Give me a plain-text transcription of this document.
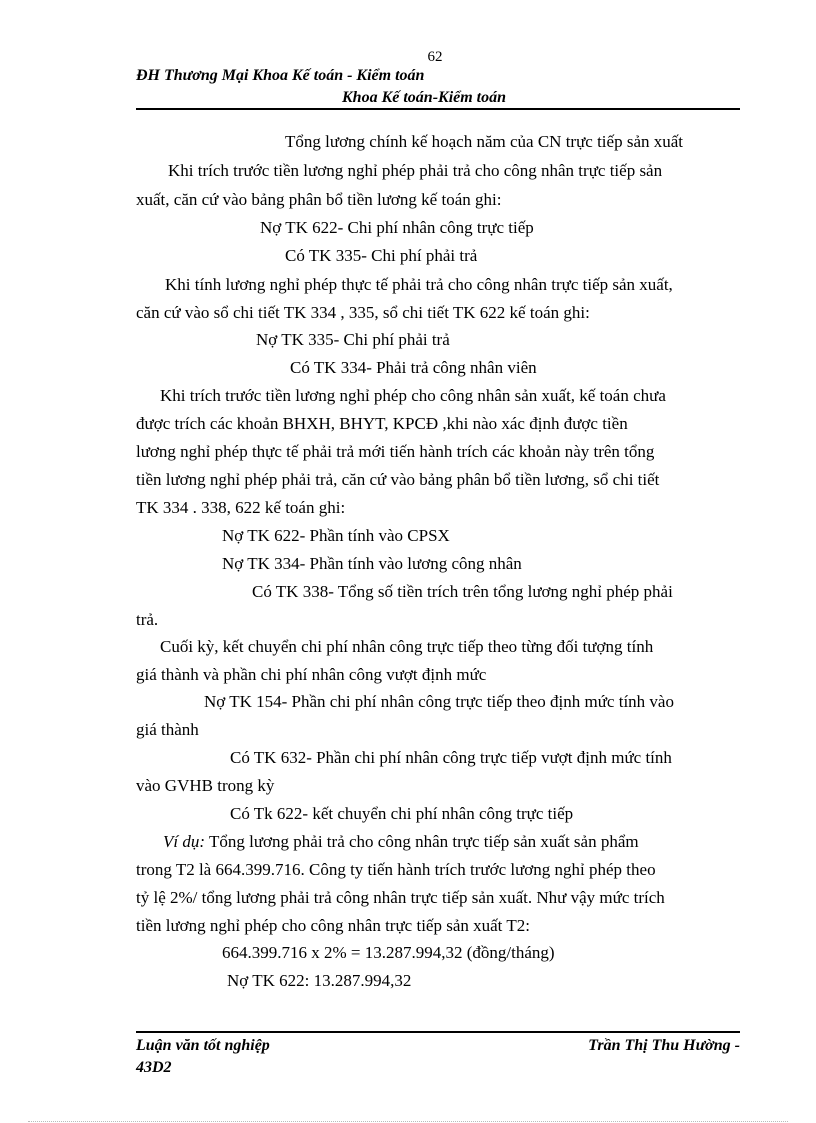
62
ĐH Thương Mại Khoa Kế toán - Kiểm toán
Khoa Kế toán-Kiểm toán
Tổng lương chính kế hoạch năm của CN trực tiếp sản xuất
Khi trích trước tiền lương nghỉ phép phải trả cho công nhân trực tiếp sản
xuất, căn cứ vào bảng phân bổ tiền lương kế toán ghi:
Nợ TK 622- Chi phí nhân công trực tiếp
Có TK 335- Chi phí phải trả
Khi tính lương nghỉ phép thực tế phải trả cho công nhân trực tiếp sản xuất,
căn cứ vào sổ chi tiết TK 334 , 335, sổ chi tiết TK 622 kế toán ghi:
Nợ TK 335- Chi phí phải trả
Có TK 334- Phải trả công nhân viên
Khi trích trước tiền lương nghỉ phép cho công nhân sản xuất, kế toán chưa
được trích các khoản BHXH, BHYT, KPCĐ ,khi nào xác định được tiền
lương nghỉ phép thực tế phải trả mới tiến hành trích các khoản này trên tổng
tiền lương nghỉ phép phải trả, căn cứ vào bảng phân bổ tiền lương, sổ chi tiết
TK 334 . 338, 622 kế toán ghi:
Nợ TK 622- Phần tính vào CPSX
Nợ TK 334- Phần tính vào lương công nhân
Có TK 338- Tổng số tiền trích trên tổng lương nghỉ phép phải
trả.
Cuối kỳ, kết chuyển chi phí nhân công trực tiếp theo từng đối tượng tính
giá thành và phần chi phí nhân công vượt định mức
Nợ TK 154- Phần chi phí nhân công trực tiếp theo định mức tính vào
giá thành
Có TK 632- Phần chi phí nhân công trực tiếp vượt định mức tính
vào GVHB trong kỳ
Có Tk 622- kết chuyển chi phí nhân công trực tiếp
Ví dụ: Tổng lương phải trả cho công nhân trực tiếp sản xuất sản phẩm
trong T2 là 664.399.716. Công ty tiến hành trích trước lương nghỉ phép theo
tỷ lệ 2%/ tổng lương phải trả công nhân trực tiếp sản xuất. Như vậy mức trích
tiền lương nghỉ phép cho công nhân trực tiếp sản xuất T2:
664.399.716 x 2% = 13.287.994,32 (đồng/tháng)
Nợ TK 622: 13.287.994,32
Luận văn tốt nghiệp
43D2
Trần Thị Thu Hường -
